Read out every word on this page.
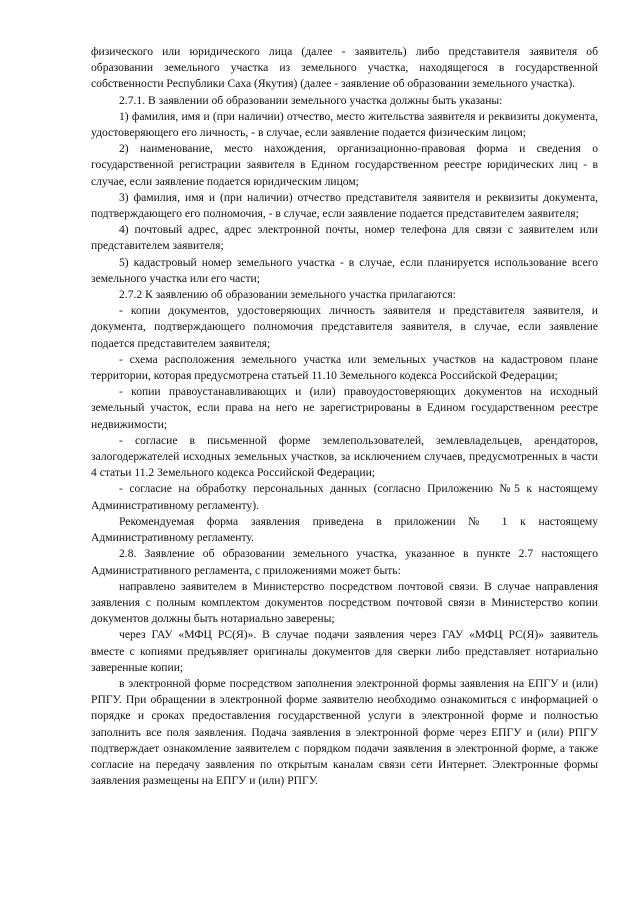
физического или юридического лица (далее - заявитель) либо представителя заявителя об образовании земельного участка из земельного участка, находящегося в государственной собственности Республики Саха (Якутия) (далее - заявление об образовании земельного участка).

2.7.1. В заявлении об образовании земельного участка должны быть указаны:

1) фамилия, имя и (при наличии) отчество, место жительства заявителя и реквизиты документа, удостоверяющего его личность, - в случае, если заявление подается физическим лицом;

2) наименование, место нахождения, организационно-правовая форма и сведения о государственной регистрации заявителя в Едином государственном реестре юридических лиц - в случае, если заявление подается юридическим лицом;

3) фамилия, имя и (при наличии) отчество представителя заявителя и реквизиты документа, подтверждающего его полномочия, - в случае, если заявление подается представителем заявителя;

4) почтовый адрес, адрес электронной почты, номер телефона для связи с заявителем или представителем заявителя;

5) кадастровый номер земельного участка - в случае, если планируется использование всего земельного участка или его части;

2.7.2 К заявлению об образовании земельного участка прилагаются:

- копии документов, удостоверяющих личность заявителя и представителя заявителя, и документа, подтверждающего полномочия представителя заявителя, в случае, если заявление подается представителем заявителя;

- схема расположения земельного участка или земельных участков на кадастровом плане территории, которая предусмотрена статьей 11.10 Земельного кодекса Российской Федерации;

- копии правоустанавливающих и (или) правоудостоверяющих документов на исходный земельный участок, если права на него не зарегистрированы в Едином государственном реестре недвижимости;

- согласие в письменной форме землепользователей, землевладельцев, арендаторов, залогодержателей исходных земельных участков, за исключением случаев, предусмотренных в части 4 статьи 11.2 Земельного кодекса Российской Федерации;

- согласие на обработку персональных данных (согласно Приложению №5 к настоящему Административному регламенту).

Рекомендуемая форма заявления приведена в приложении № 1 к настоящему Административному регламенту.

2.8. Заявление об образовании земельного участка, указанное в пункте 2.7 настоящего Административного регламента, с приложениями может быть:

направлено заявителем в Министерство посредством почтовой связи. В случае направления заявления с полным комплектом документов посредством почтовой связи в Министерство копии документов должны быть нотариально заверены;

через ГАУ «МФЦ РС(Я)». В случае подачи заявления через ГАУ «МФЦ РС(Я)» заявитель вместе с копиями предъявляет оригиналы документов для сверки либо представляет нотариально заверенные копии;

в электронной форме посредством заполнения электронной формы заявления на ЕПГУ и (или) РПГУ. При обращении в электронной форме заявителю необходимо ознакомиться с информацией о порядке и сроках предоставления государственной услуги в электронной форме и полностью заполнить все поля заявления. Подача заявления в электронной форме через ЕПГУ и (или) РПГУ подтверждает ознакомление заявителем с порядком подачи заявления в электронной форме, а также согласие на передачу заявления по открытым каналам связи сети Интернет. Электронные формы заявления размещены на ЕПГУ и (или) РПГУ.
